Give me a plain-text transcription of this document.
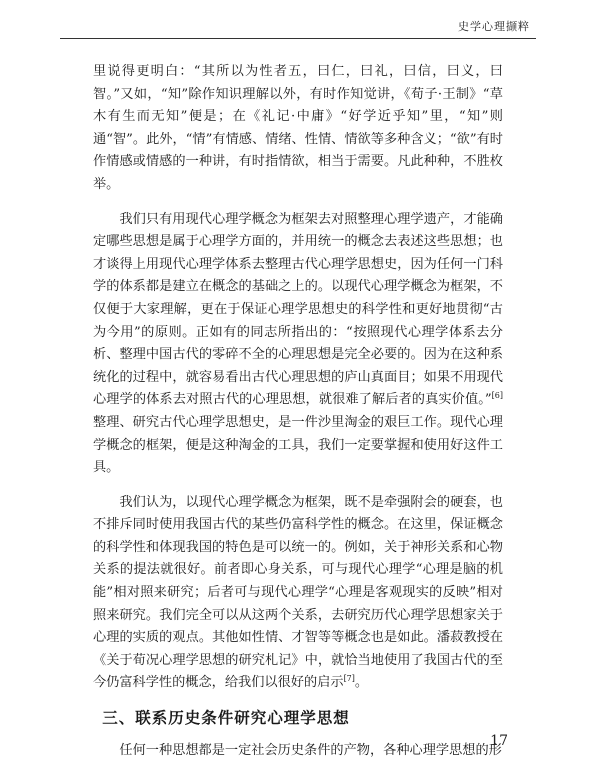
史学心理撷粹

里说得更明白：“其所以为性者五，曰仁，曰礼，曰信，曰义，曰智。”又如，“知”除作知识理解以外，有时作知觉讲，《荀子·王制》“草木有生而无知”便是；在《礼记·中庸》“好学近乎知”里，“知”则通“智”。此外，“情”有情感、情绪、性情、情欲等多种含义；“欲”有时作情感或情感的一种讲，有时指情欲，相当于需要。凡此种种，不胜枚举。

我们只有用现代心理学概念为框架去对照整理心理学遗产，才能确定哪些思想是属于心理学方面的，并用统一的概念去表述这些思想；也才谈得上用现代心理学体系去整理古代心理学思想史，因为任何一门科学的体系都是建立在概念的基础之上的。以现代心理学概念为框架，不仅便于大家理解，更在于保证心理学思想史的科学性和更好地贯彻“古为今用”的原则。正如有的同志所指出的：“按照现代心理学体系去分析、整理中国古代的零碎不全的心理思想是完全必要的。因为在这种系统化的过程中，就容易看出古代心理思想的庐山真面目；如果不用现代心理学的体系去对照古代的心理思想，就很难了解后者的真实价值。”[6]整理、研究古代心理学思想史，是一件沙里淘金的艰巨工作。现代心理学概念的框架，便是这种淘金的工具，我们一定要掌握和使用好这件工具。

我们认为，以现代心理学概念为框架，既不是牵强附会的硬套，也不排斥同时使用我国古代的某些仍富科学性的概念。在这里，保证概念的科学性和体现我国的特色是可以统一的。例如，关于神形关系和心物关系的提法就很好。前者即心身关系，可与现代心理学“心理是脑的机能”相对照来研究；后者可与现代心理学“心理是客观现实的反映”相对照来研究。我们完全可以从这两个关系，去研究历代心理学思想家关于心理的实质的观点。其他如性情、才智等等概念也是如此。潘菽教授在《关于荀况心理学思想的研究札记》中，就恰当地使用了我国古代的至今仍富科学性的概念，给我们以很好的启示[7]。

三、联系历史条件研究心理学思想

任何一种思想都是一定社会历史条件的产物，各种心理学思想的形

17
